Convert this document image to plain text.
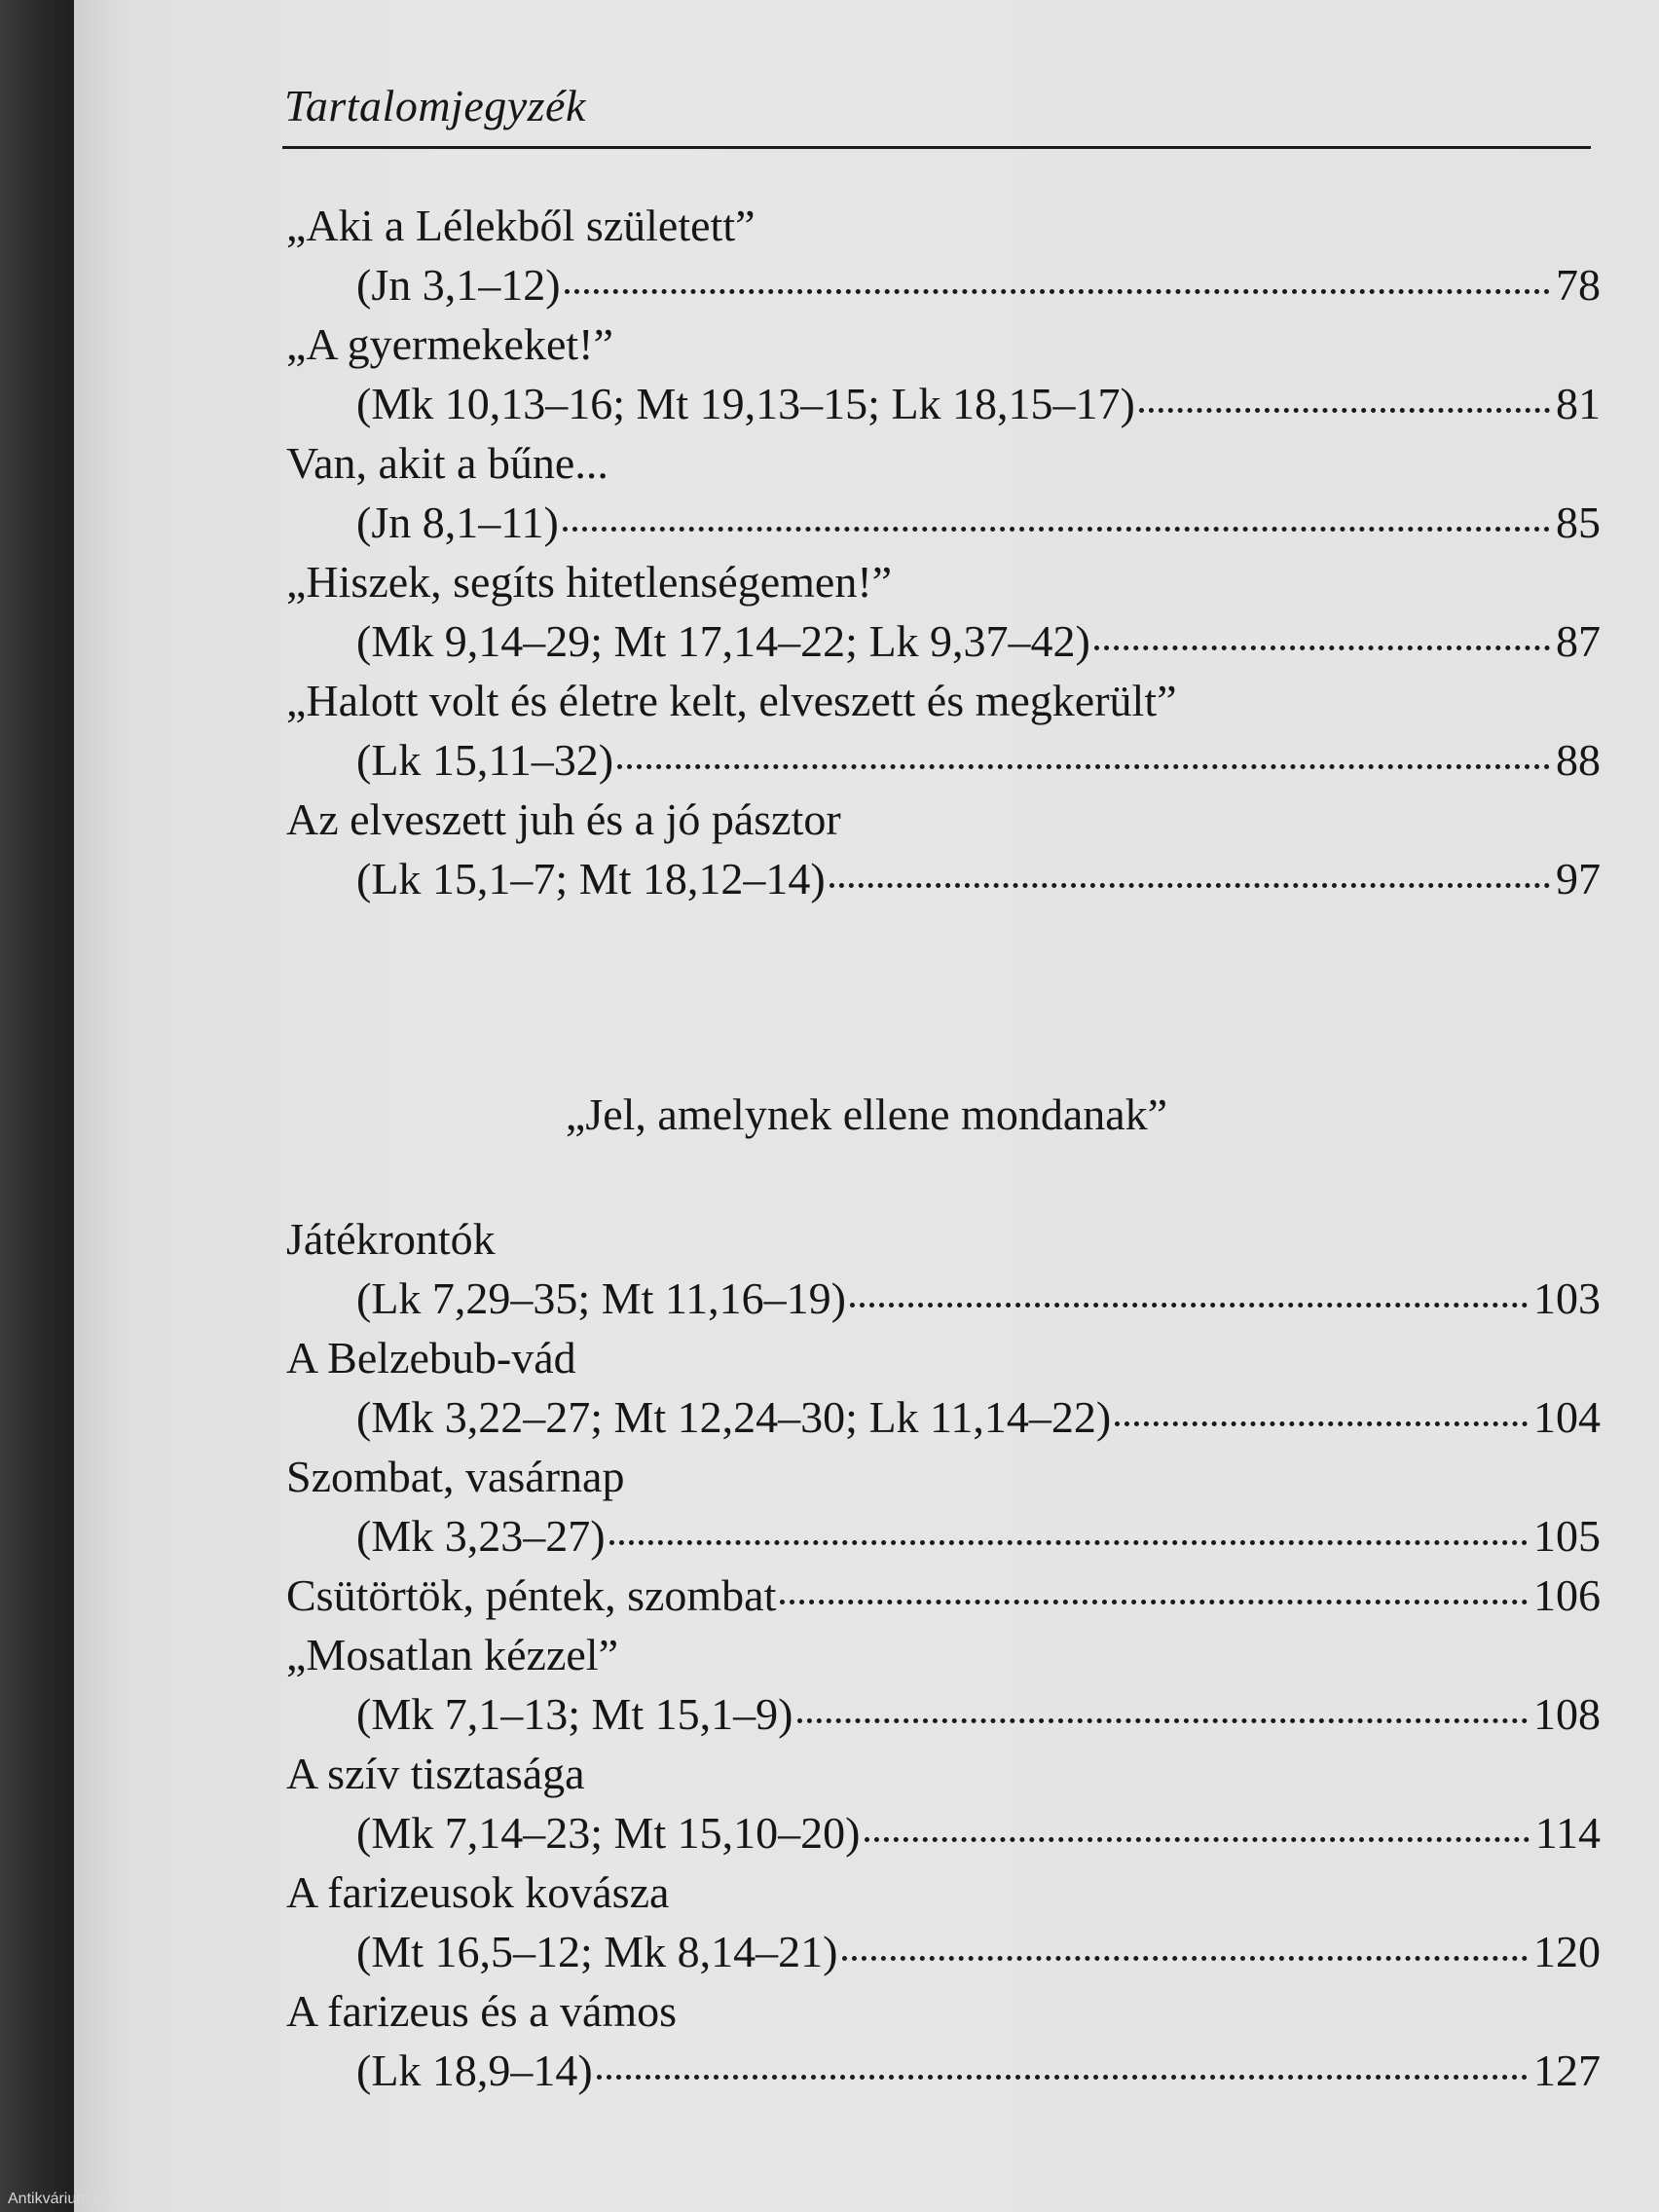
Tartalomjegyzék
„Aki a Lélekből született”
(Jn 3,1–12)	78
„A gyermekeket!”
(Mk 10,13–16; Mt 19,13–15; Lk 18,15–17)	81
Van, akit a bűne...
(Jn 8,1–11)	85
„Hiszek, segíts hitetlenségemen!”
(Mk 9,14–29; Mt 17,14–22; Lk 9,37–42)	87
„Halott volt és életre kelt, elveszett és megkerült”
(Lk 15,11–32)	88
Az elveszett juh és a jó pásztor
(Lk 15,1–7; Mt 18,12–14)	97
„Jel, amelynek ellene mondanak”
Játékrontók
(Lk 7,29–35; Mt 11,16–19)	103
A Belzebub-vád
(Mk 3,22–27; Mt 12,24–30; Lk 11,14–22)	104
Szombat, vasárnap
(Mk 3,23–27)	105
Csütörtök, péntek, szombat	106
„Mosatlan kézzel”
(Mk 7,1–13; Mt 15,1–9)	108
A szív tisztasága
(Mk 7,14–23; Mt 15,10–20)	114
A farizeusok kovásza
(Mt 16,5–12; Mk 8,14–21)	120
A farizeus és a vámos
(Lk 18,9–14)	127
Antikvárium.hu
